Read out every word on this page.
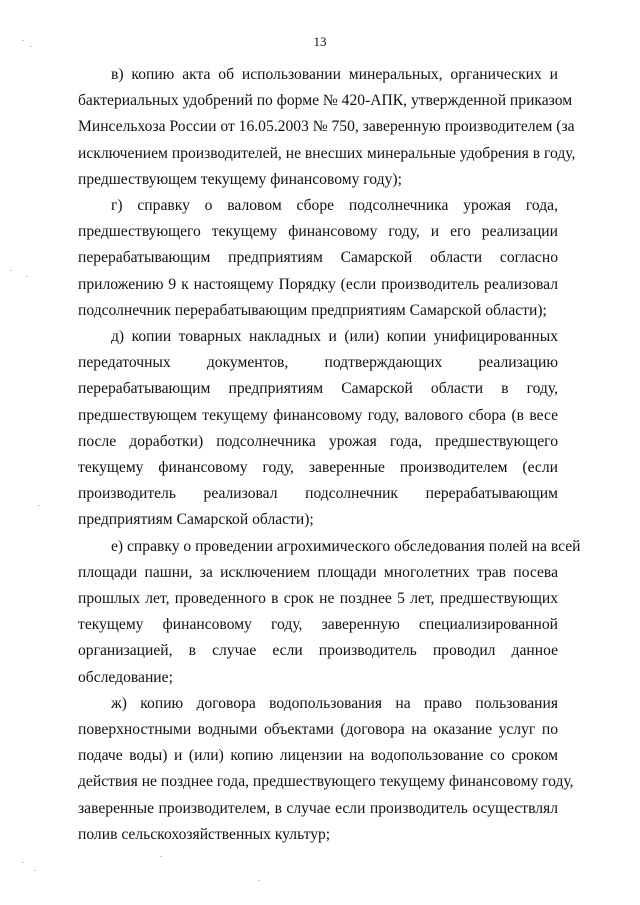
13
в) копию акта об использовании минеральных, органических и
бактериальных удобрений по форме № 420-АПК, утвержденной приказом
Минсельхоза России от 16.05.2003 № 750, заверенную производителем (за
исключением производителей, не внесших минеральные удобрения в году,
предшествующем текущему финансовому году);
г) справку о валовом сборе подсолнечника урожая года,
предшествующего текущему финансовому году, и его реализации
перерабатывающим предприятиям Самарской области согласно
приложению 9 к настоящему Порядку (если производитель реализовал
подсолнечник перерабатывающим предприятиям Самарской области);
д) копии товарных накладных и (или) копии унифицированных
передаточных документов, подтверждающих реализацию
перерабатывающим предприятиям Самарской области в году,
предшествующем текущему финансовому году, валового сбора (в весе
после доработки) подсолнечника урожая года, предшествующего
текущему финансовому году, заверенные производителем (если
производитель реализовал подсолнечник перерабатывающим
предприятиям Самарской области);
е) справку о проведении агрохимического обследования полей на всей
площади пашни, за исключением площади многолетних трав посева
прошлых лет, проведенного в срок не позднее 5 лет, предшествующих
текущему финансовому году, заверенную специализированной
организацией, в случае если производитель проводил данное
обследование;
ж) копию договора водопользования на право пользования
поверхностными водными объектами (договора на оказание услуг по
подаче воды) и (или) копию лицензии на водопользование со сроком
действия не позднее года, предшествующего текущему финансовому году,
заверенные производителем, в случае если производитель осуществлял
полив сельскохозяйственных культур;
